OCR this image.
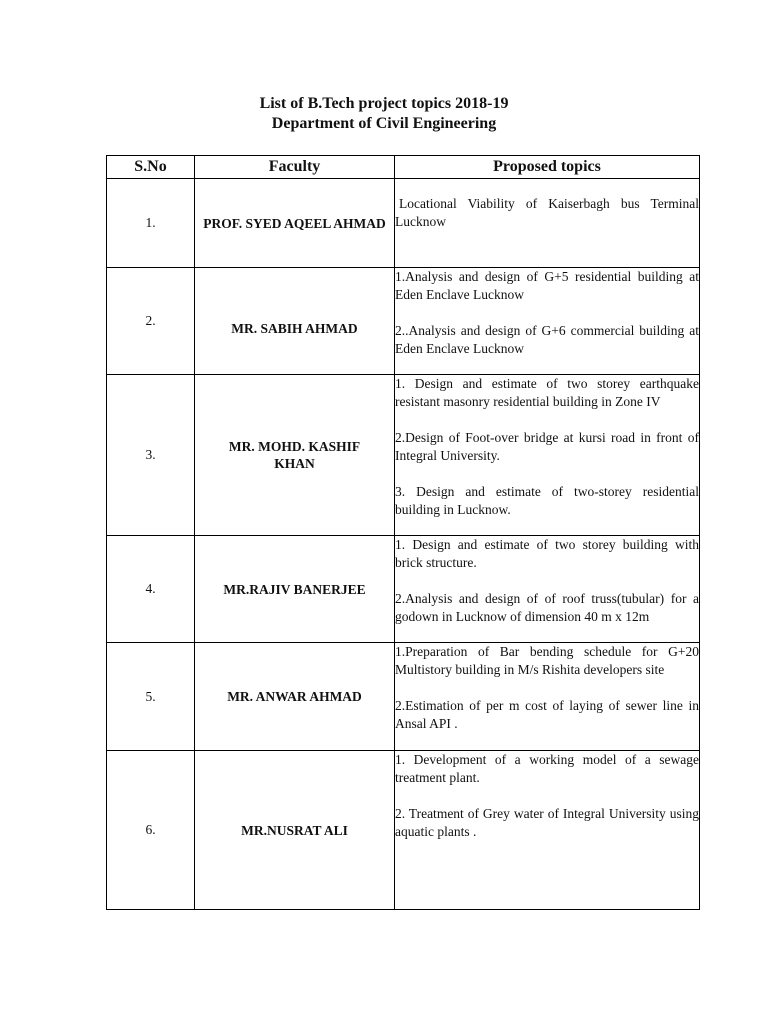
List of B.Tech project topics 2018-19
Department of Civil Engineering
S.No	Faculty	Proposed topics
1.	PROF. SYED AQEEL AHMAD	Locational Viability of Kaiserbagh bus Terminal Lucknow

2.	MR. SABIH AHMAD	1.Analysis and design of G+5 residential building at Eden Enclave Lucknow

2..Analysis and design of G+6 commercial building at Eden Enclave Lucknow

3.	MR. MOHD. KASHIF KHAN	1. Design and estimate of two storey earthquake resistant masonry residential building in Zone IV

2.Design of Foot-over bridge at kursi road in front of Integral University.

3. Design and estimate of two-storey residential building in Lucknow.

4.	MR.RAJIV BANERJEE	1. Design and estimate of two storey building with brick structure.

2.Analysis and design of of roof truss(tubular) for a godown in Lucknow of dimension 40 m x 12m

5.	MR. ANWAR AHMAD	1.Preparation of Bar bending schedule for G+20 Multistory building in M/s Rishita developers site

2.Estimation of per m cost of laying of sewer line in Ansal API .

6.	MR.NUSRAT ALI	1. Development of a working model of a sewage treatment plant.

2. Treatment of Grey water of Integral University using aquatic plants .
